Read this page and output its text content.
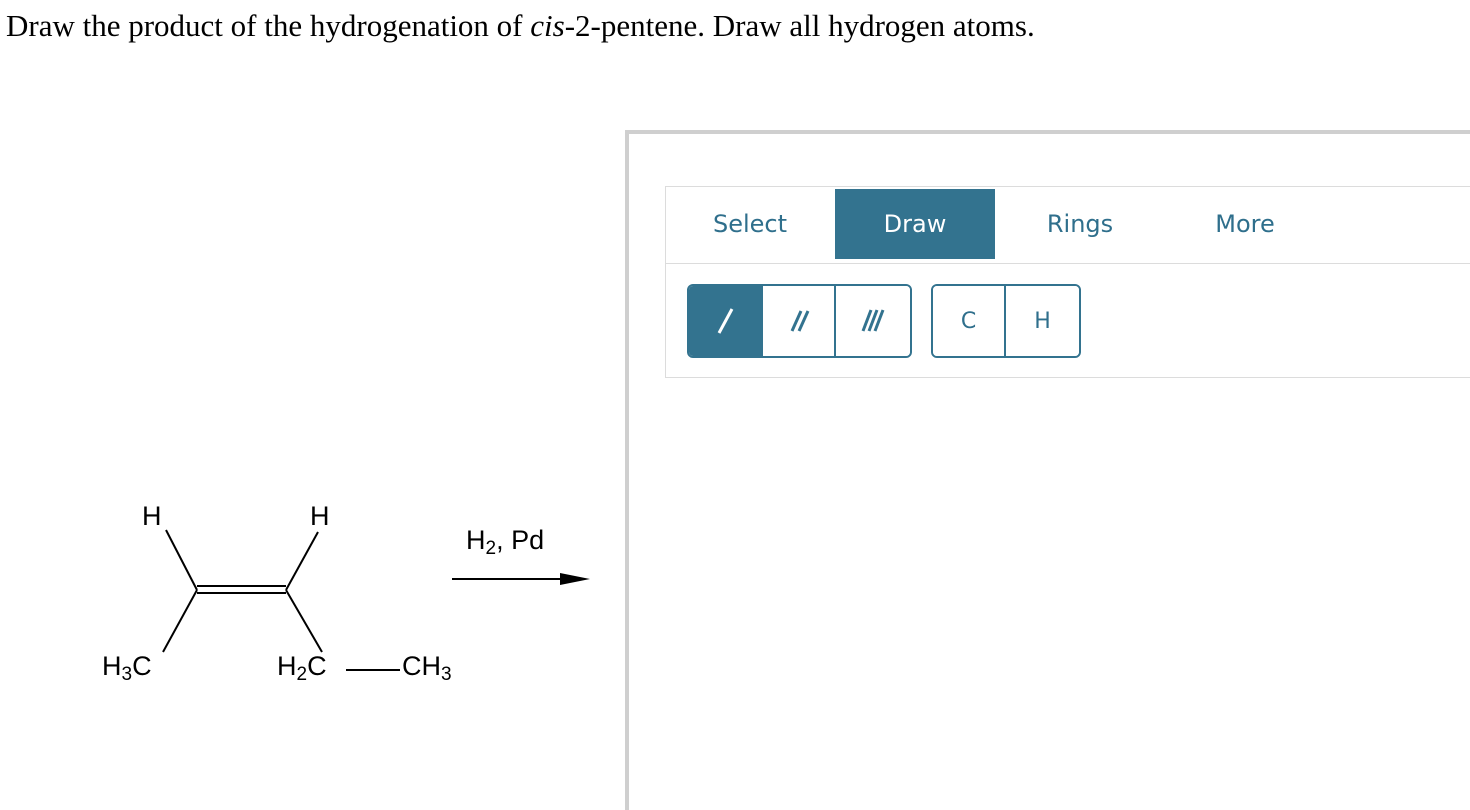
Draw the product of the hydrogenation of cis-2-pentene. Draw all hydrogen atoms.
H	H
$H_3C$	$H_2C$	$CH_3$
$H_2$, Pd
Select	Draw	Rings	More
C	H
